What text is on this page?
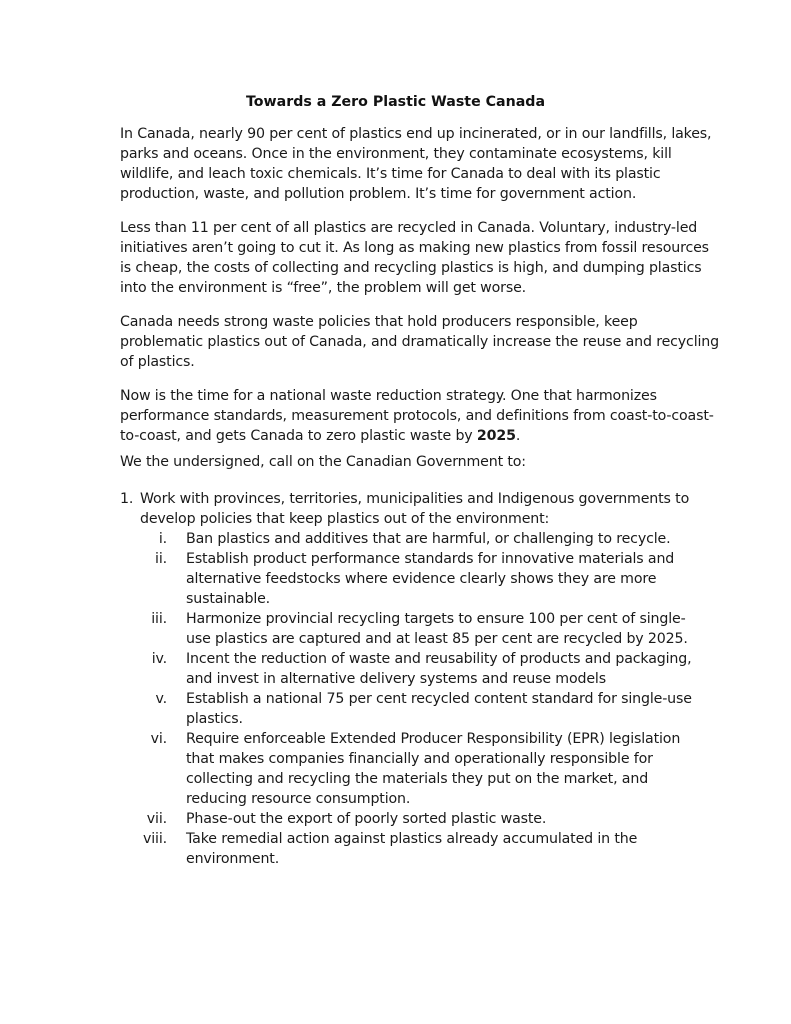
Towards a Zero Plastic Waste Canada

In Canada, nearly 90 per cent of plastics end up incinerated, or in our landfills, lakes, parks and oceans. Once in the environment, they contaminate ecosystems, kill wildlife, and leach toxic chemicals. It’s time for Canada to deal with its plastic production, waste, and pollution problem. It’s time for government action.

Less than 11 per cent of all plastics are recycled in Canada. Voluntary, industry-led initiatives aren’t going to cut it. As long as making new plastics from fossil resources is cheap, the costs of collecting and recycling plastics is high, and dumping plastics into the environment is “free”, the problem will get worse.

Canada needs strong waste policies that hold producers responsible, keep problematic plastics out of Canada, and dramatically increase the reuse and recycling of plastics.

Now is the time for a national waste reduction strategy. One that harmonizes performance standards, measurement protocols, and definitions from coast-to-coast-to-coast, and gets Canada to zero plastic waste by 2025.

We the undersigned, call on the Canadian Government to:

1. Work with provinces, territories, municipalities and Indigenous governments to develop policies that keep plastics out of the environment:
i. Ban plastics and additives that are harmful, or challenging to recycle.
ii. Establish product performance standards for innovative materials and alternative feedstocks where evidence clearly shows they are more sustainable.
iii. Harmonize provincial recycling targets to ensure 100 per cent of single-use plastics are captured and at least 85 per cent are recycled by 2025.
iv. Incent the reduction of waste and reusability of products and packaging, and invest in alternative delivery systems and reuse models
v. Establish a national 75 per cent recycled content standard for single-use plastics.
vi. Require enforceable Extended Producer Responsibility (EPR) legislation that makes companies financially and operationally responsible for collecting and recycling the materials they put on the market, and reducing resource consumption.
vii. Phase-out the export of poorly sorted plastic waste.
viii. Take remedial action against plastics already accumulated in the environment.
